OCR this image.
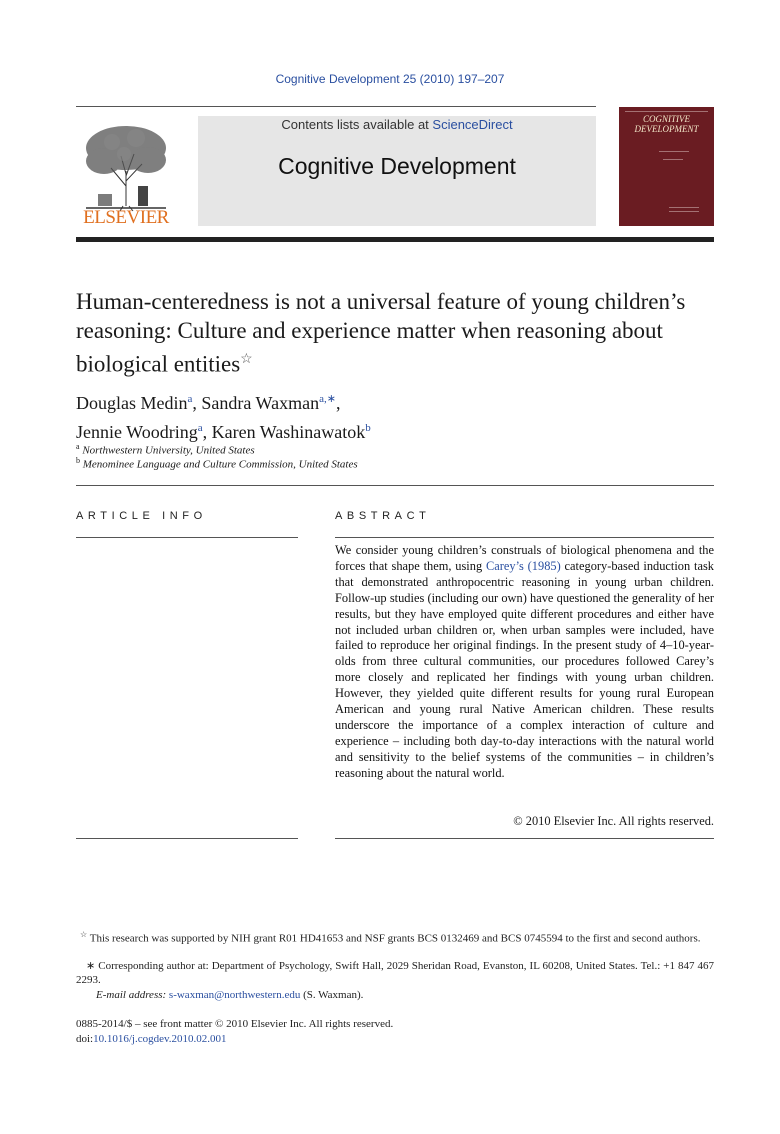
Cognitive Development 25 (2010) 197–207
ELSEVIER
Contents lists available at ScienceDirect
Cognitive Development
COGNITIVE
DEVELOPMENT
Human-centeredness is not a universal feature of young children’s reasoning: Culture and experience matter when reasoning about biological entities☆
Douglas Medin$^a$, Sandra Waxman$^{a,∗}$,
Jennie Woodring$^a$, Karen Washinawatok$^b$
$^a$ Northwestern University, United States
$^b$ Menominee Language and Culture Commission, United States
ARTICLE INFO	ABSTRACT
We consider young children’s construals of biological phenomena and the forces that shape them, using Carey’s (1985) category-based induction task that demonstrated anthropocentric reasoning in young urban children. Follow-up studies (including our own) have questioned the generality of her results, but they have employed quite different procedures and either have not included urban children or, when urban samples were included, have failed to reproduce her original findings. In the present study of 4–10-year-olds from three cultural communities, our procedures followed Carey’s more closely and replicated her findings with young urban children. However, they yielded quite different results for young rural European American and young rural Native American children. These results underscore the importance of a complex interaction of culture and experience – including both day-to-day interactions with the natural world and sensitivity to the belief systems of the communities – in children’s reasoning about the natural world.
© 2010 Elsevier Inc. All rights reserved.
☆ This research was supported by NIH grant R01 HD41653 and NSF grants BCS 0132469 and BCS 0745594 to the first and second authors.
∗ Corresponding author at: Department of Psychology, Swift Hall, 2029 Sheridan Road, Evanston, IL 60208, United States. Tel.: +1 847 467 2293.
E-mail address: s-waxman@northwestern.edu (S. Waxman).
0885-2014/$ – see front matter © 2010 Elsevier Inc. All rights reserved.
doi:10.1016/j.cogdev.2010.02.001
